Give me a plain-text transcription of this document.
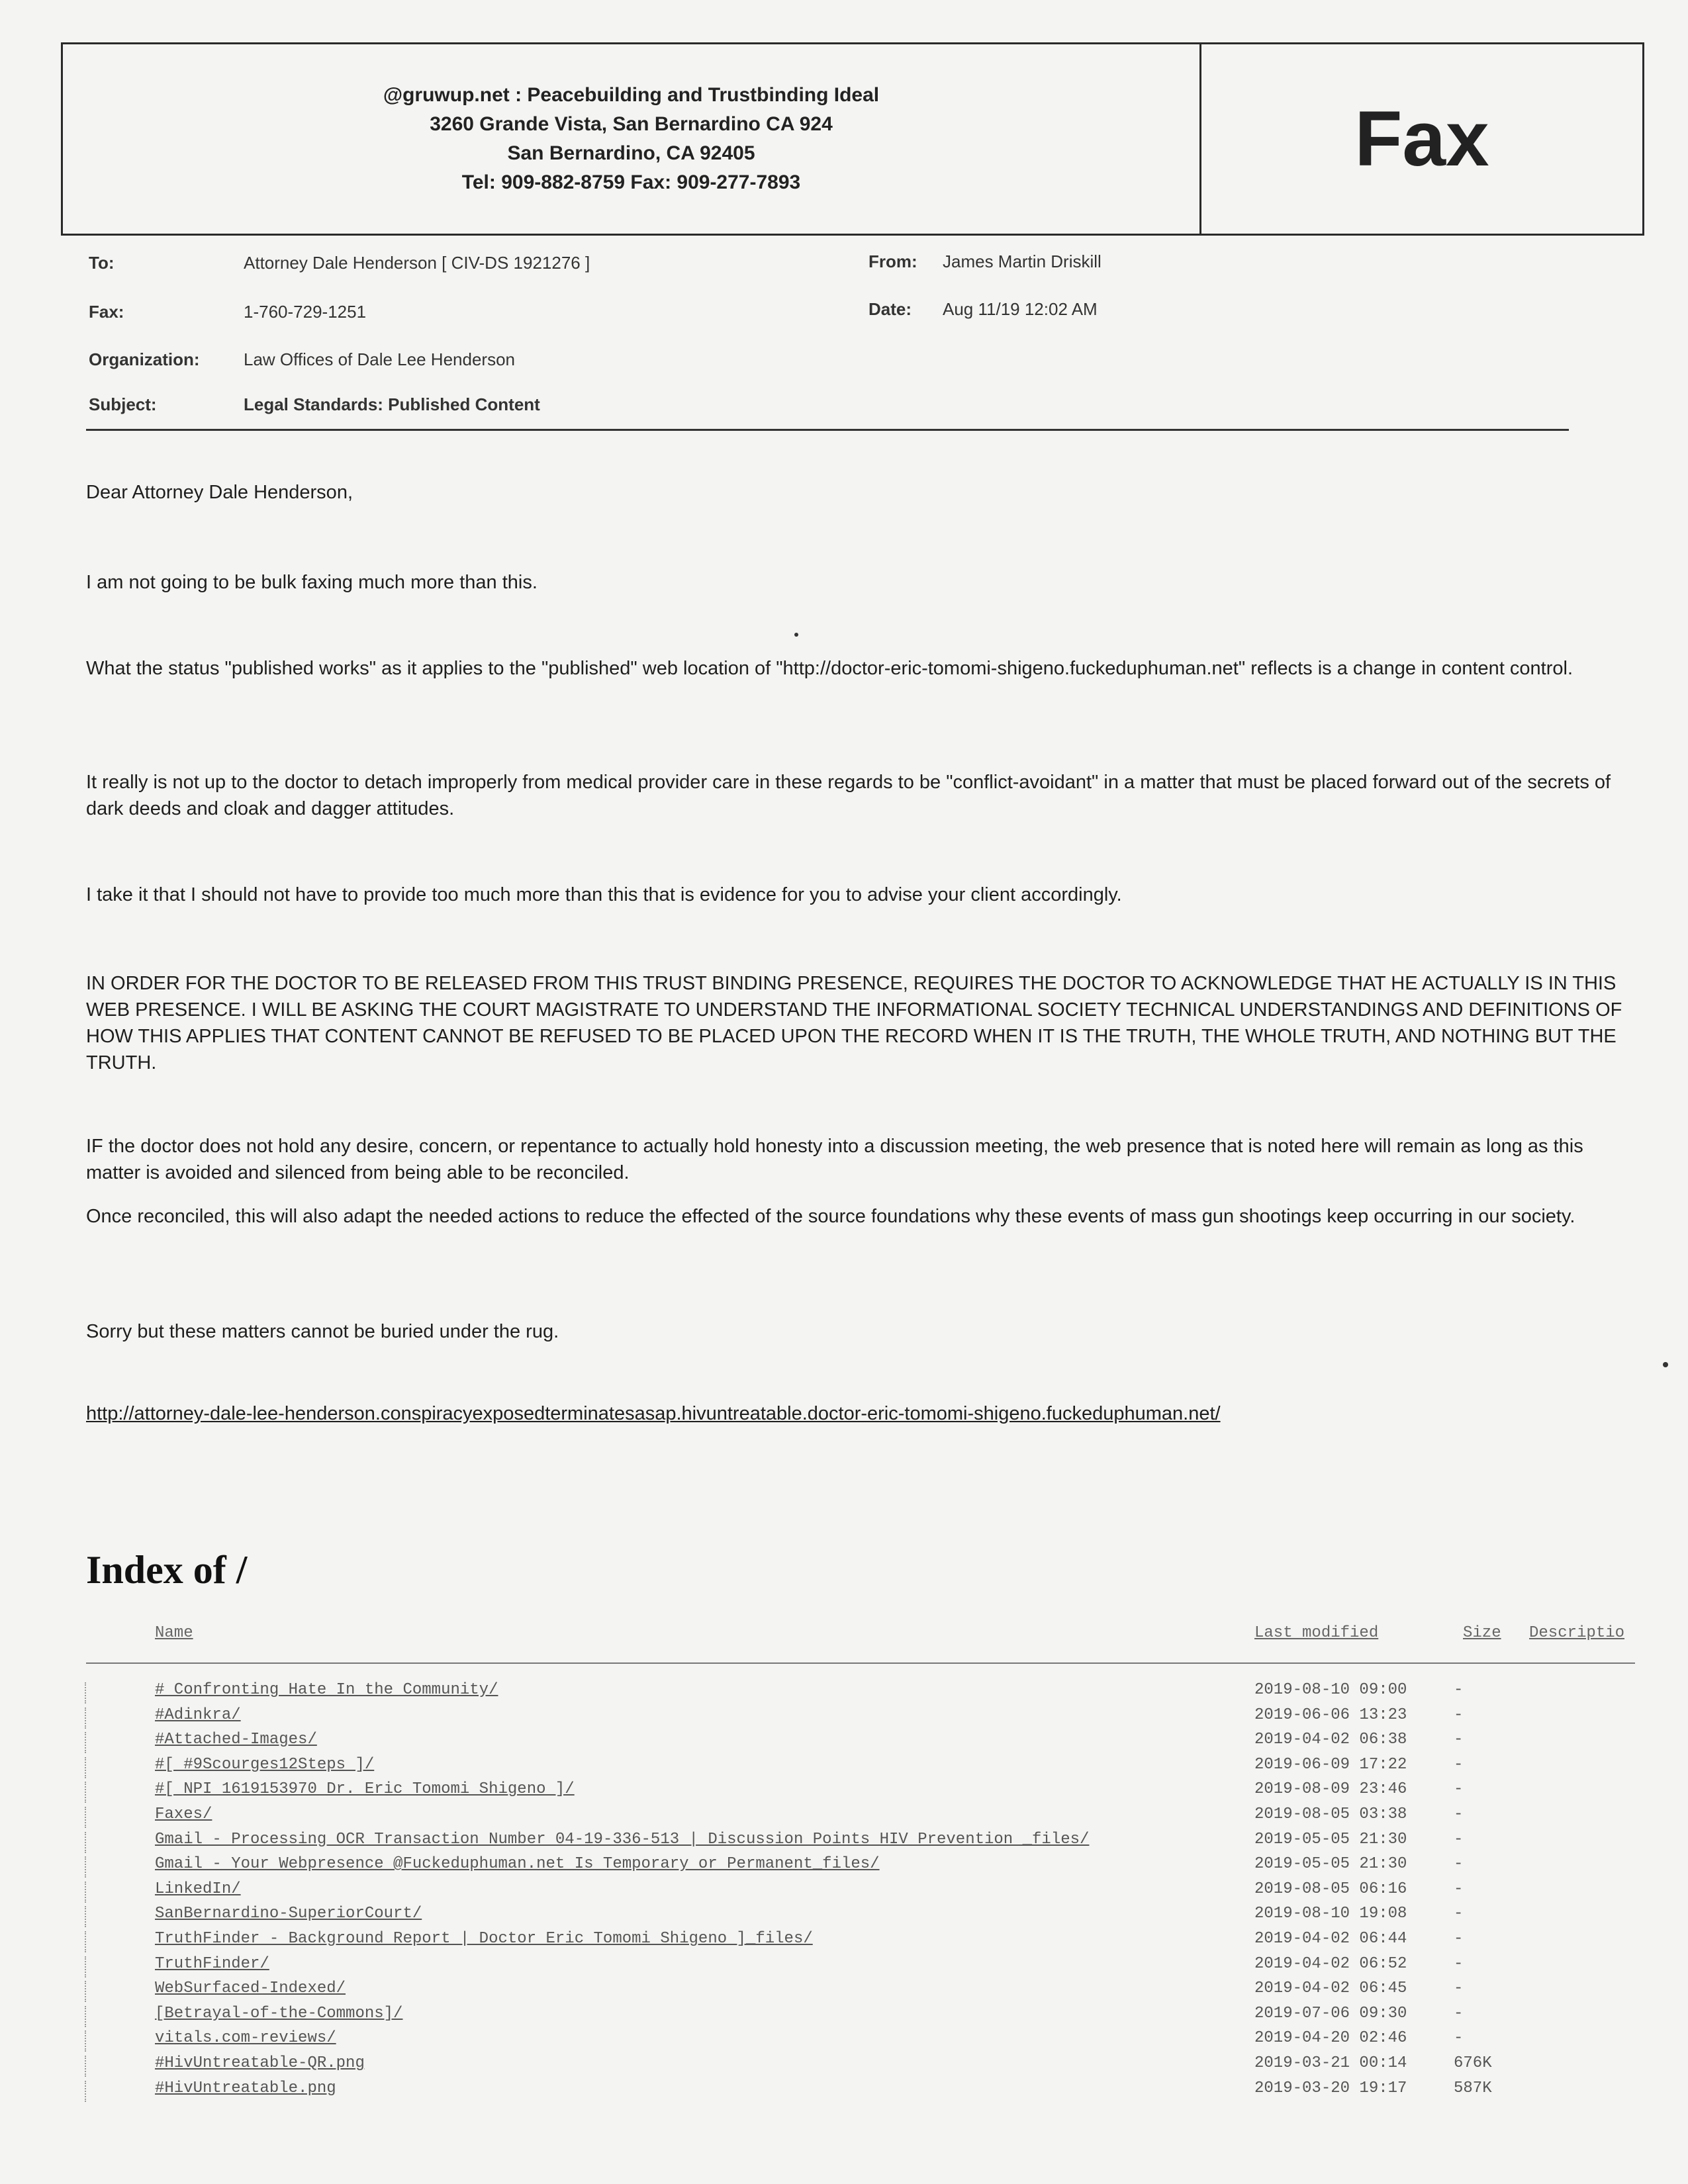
@gruwup.net : Peacebuilding and Trustbinding Ideal
3260 Grande Vista, San Bernardino CA 924
San Bernardino, CA 92405
Tel: 909-882-8759 Fax: 909-277-7893	Fax
To:	Attorney Dale Henderson [ CIV-DS 1921276 ]
Fax:	1-760-729-1251
Organization:	Law Offices of Dale Lee Henderson
Subject:	Legal Standards: Published Content
From: James Martin Driskill
Date: Aug 11/19 12:02 AM
Dear Attorney Dale Henderson,
I am not going to be bulk faxing much more than this.
What the status "published works" as it applies to the "published" web location of "http://doctor-eric-tomomi-shigeno.fuckeduphuman.net" reflects is a change in content control.
It really is not up to the doctor to detach improperly from medical provider care in these regards to be "conflict-avoidant" in a matter that must be placed forward out of the secrets of dark deeds and cloak and dagger attitudes.
I take it that I should not have to provide too much more than this that is evidence for you to advise your client accordingly.
IN ORDER FOR THE DOCTOR TO BE RELEASED FROM THIS TRUST BINDING PRESENCE, REQUIRES THE DOCTOR TO ACKNOWLEDGE THAT HE ACTUALLY IS IN THIS WEB PRESENCE. I WILL BE ASKING THE COURT MAGISTRATE TO UNDERSTAND THE INFORMATIONAL SOCIETY TECHNICAL UNDERSTANDINGS AND DEFINITIONS OF HOW THIS APPLIES THAT CONTENT CANNOT BE REFUSED TO BE PLACED UPON THE RECORD WHEN IT IS THE TRUTH, THE WHOLE TRUTH, AND NOTHING BUT THE TRUTH.
IF the doctor does not hold any desire, concern, or repentance to actually hold honesty into a discussion meeting, the web presence that is noted here will remain as long as this matter is avoided and silenced from being able to be reconciled.
Once reconciled, this will also adapt the needed actions to reduce the effected of the source foundations why these events of mass gun shootings keep occurring in our society.
Sorry but these matters cannot be buried under the rug.
http://attorney-dale-lee-henderson.conspiracyexposedterminatesasap.hivuntreatable.doctor-eric-tomomi-shigeno.fuckeduphuman.net/
Index of /
Name	Last modified	Size Descriptio
# Confronting Hate In the Community/	2019-08-10 09:00	-
#Adinkra/	2019-06-06 13:23	-
#Attached-Images/	2019-04-02 06:38	-
#[ #9Scourges12Steps ]/	2019-06-09 17:22	-
#[ NPI 1619153970 Dr. Eric Tomomi Shigeno ]/	2019-08-09 23:46	-
Faxes/	2019-08-05 03:38	-
Gmail - Processing OCR Transaction Number 04-19-336-513 | Discussion Points HIV Prevention _files/	2019-05-05 21:30	-
Gmail - Your Webpresence @Fuckeduphuman.net Is Temporary or Permanent_files/	2019-05-05 21:30	-
LinkedIn/	2019-08-05 06:16	-
SanBernardino-SuperiorCourt/	2019-08-10 19:08	-
TruthFinder - Background Report | Doctor Eric Tomomi Shigeno ]_files/	2019-04-02 06:44	-
TruthFinder/	2019-04-02 06:52	-
WebSurfaced-Indexed/	2019-04-02 06:45	-
[Betrayal-of-the-Commons]/	2019-07-06 09:30	-
vitals.com-reviews/	2019-04-20 02:46	-
#HivUntreatable-QR.png	2019-03-21 00:14	676K
#HivUntreatable.png	2019-03-20 19:17	587K
